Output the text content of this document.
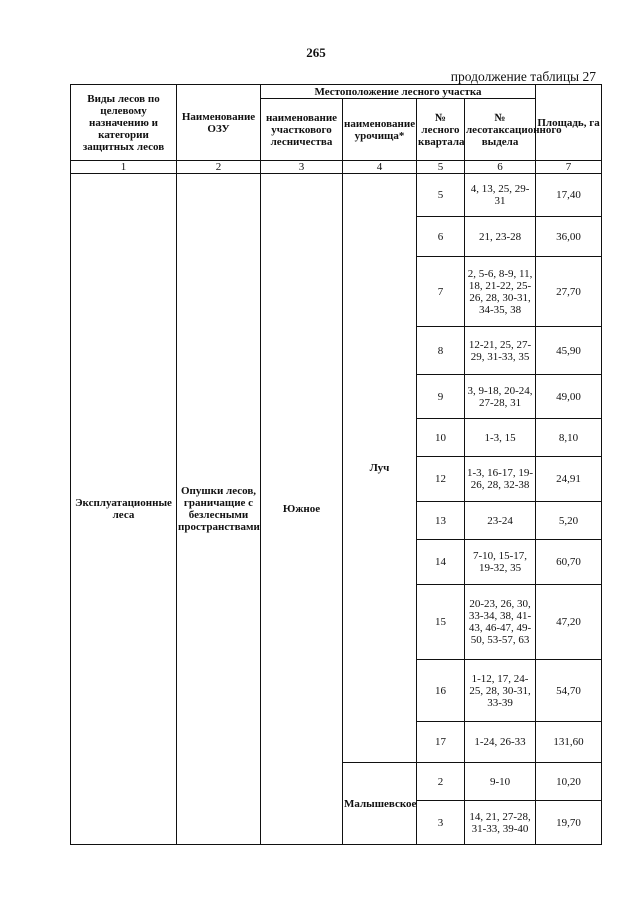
265
продолжение таблицы 27
Виды лесов по целевому назначению и категории защитных лесов	Наименование ОЗУ	Местоположение лесного участка				Площадь, га
		наименование участкового лесничества	наименование урочища*	№ лесного квартала	№ лесотаксационного выдела	
1	2	3	4	5	6	7
Эксплуатационные леса	Опушки лесов, граничащие с безлесными пространствами	Южное	Луч	5	4, 13, 25, 29-31	17,40
				6	21, 23-28	36,00
				7	2, 5-6, 8-9, 11, 18, 21-22, 25-26, 28, 30-31, 34-35, 38	27,70
				8	12-21, 25, 27-29, 31-33, 35	45,90
				9	3, 9-18, 20-24, 27-28, 31	49,00
				10	1-3, 15	8,10
				12	1-3, 16-17, 19-26, 28, 32-38	24,91
				13	23-24	5,20
				14	7-10, 15-17, 19-32, 35	60,70
				15	20-23, 26, 30, 33-34, 38, 41-43, 46-47, 49-50, 53-57, 63	47,20
				16	1-12, 17, 24-25, 28, 30-31, 33-39	54,70
				17	1-24, 26-33	131,60
			Малышевское	2	9-10	10,20
				3	14, 21, 27-28, 31-33, 39-40	19,70
